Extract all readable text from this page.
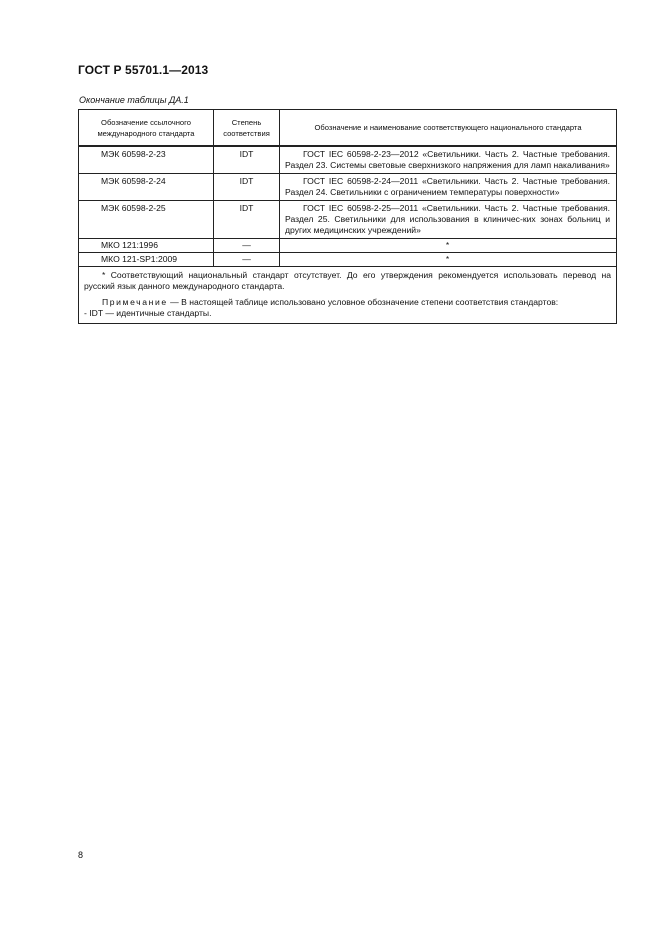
ГОСТ Р 55701.1—2013
Окончание таблицы ДА.1
Обозначение ссылочного международного стандарта	Степень соответствия	Обозначение и наименование соответствующего национального стандарта
МЭК 60598-2-23	IDT	ГОСТ IEC 60598-2-23—2012 «Светильники. Часть 2. Частные требования. Раздел 23. Системы световые сверхнизкого напряжения для ламп накаливания»
МЭК 60598-2-24	IDT	ГОСТ IEC 60598-2-24—2011 «Светильники. Часть 2. Частные требования. Раздел 24. Светильники с ограничением температуры поверхности»
МЭК 60598-2-25	IDT	ГОСТ IEC 60598-2-25—2011 «Светильники. Часть 2. Частные требования. Раздел 25. Светильники для использования в клиничес-ких зонах больниц и других медицинских учреждений»
МКО 121:1996	—	*
МКО 121-SP1:2009	—	*

* Соответствующий национальный стандарт отсутствует. До его утверждения рекомендуется использовать перевод на русский язык данного международного стандарта.

Примечание — В настоящей таблице использовано условное обозначение степени соответствия стандартов:

- IDT — идентичные стандарты.		

8
